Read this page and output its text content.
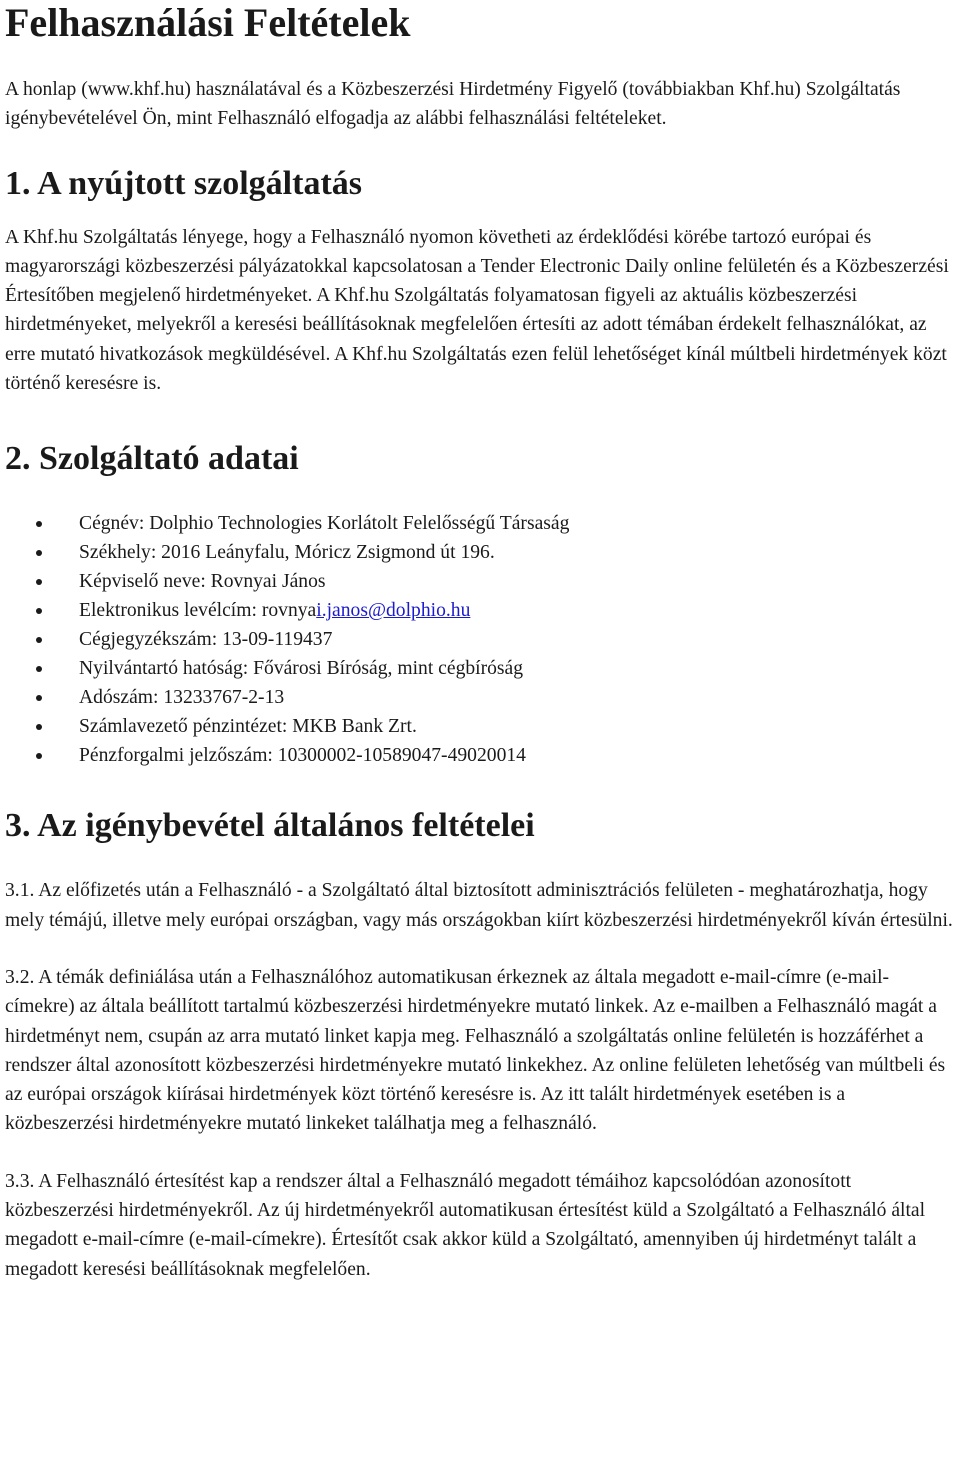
Felhasználási Feltételek

A honlap (www.khf.hu) használatával és a Közbeszerzési Hirdetmény Figyelő (továbbiakban Khf.hu) Szolgáltatás igénybevételével Ön, mint Felhasználó elfogadja az alábbi felhasználási feltételeket.

1. A nyújtott szolgáltatás

A Khf.hu Szolgáltatás lényege, hogy a Felhasználó nyomon követheti az érdeklődési körébe tartozó európai és magyarországi közbeszerzési pályázatokkal kapcsolatosan a Tender Electronic Daily online felületén és a Közbeszerzési Értesítőben megjelenő hirdetményeket. A Khf.hu Szolgáltatás folyamatosan figyeli az aktuális közbeszerzési hirdetményeket, melyekről a keresési beállításoknak megfelelően értesíti az adott témában érdekelt felhasználókat, az erre mutató hivatkozások megküldésével. A Khf.hu Szolgáltatás ezen felül lehetőséget kínál múltbeli hirdetmények közt történő keresésre is.

2. Szolgáltató adatai
Cégnév: Dolphio Technologies Korlátolt Felelősségű Társaság
Székhely: 2016 Leányfalu, Móricz Zsigmond út 196.
Képviselő neve: Rovnyai János
Elektronikus levélcím: rovnyai.janos@dolphio.hu
Cégjegyzékszám: 13-09-119437
Nyilvántartó hatóság: Fővárosi Bíróság, mint cégbíróság
Adószám: 13233767-2-13
Számlavezető pénzintézet: MKB Bank Zrt.
Pénzforgalmi jelzőszám: 10300002-10589047-49020014
3. Az igénybevétel általános feltételei

3.1. Az előfizetés után a Felhasználó - a Szolgáltató által biztosított adminisztrációs felületen - meghatározhatja, hogy mely témájú, illetve mely európai országban, vagy más országokban kiírt közbeszerzési hirdetményekről kíván értesülni.

3.2. A témák definiálása után a Felhasználóhoz automatikusan érkeznek az általa megadott e-mail-címre (e-mail-címekre) az általa beállított tartalmú közbeszerzési hirdetményekre mutató linkek. Az e-mailben a Felhasználó magát a hirdetményt nem, csupán az arra mutató linket kapja meg. Felhasználó a szolgáltatás online felületén is hozzáférhet a rendszer által azonosított közbeszerzési hirdetményekre mutató linkekhez. Az online felületen lehetőség van múltbeli és az európai országok kiírásai hirdetmények közt történő keresésre is. Az itt talált hirdetmények esetében is a közbeszerzési hirdetményekre mutató linkeket találhatja meg a felhasználó.

3.3. A Felhasználó értesítést kap a rendszer által a Felhasználó megadott témáihoz kapcsolódóan azonosított közbeszerzési hirdetményekről. Az új hirdetményekről automatikusan értesítést küld a Szolgáltató a Felhasználó által megadott e-mail-címre (e-mail-címekre). Értesítőt csak akkor küld a Szolgáltató, amennyiben új hirdetményt talált a megadott keresési beállításoknak megfelelően.
